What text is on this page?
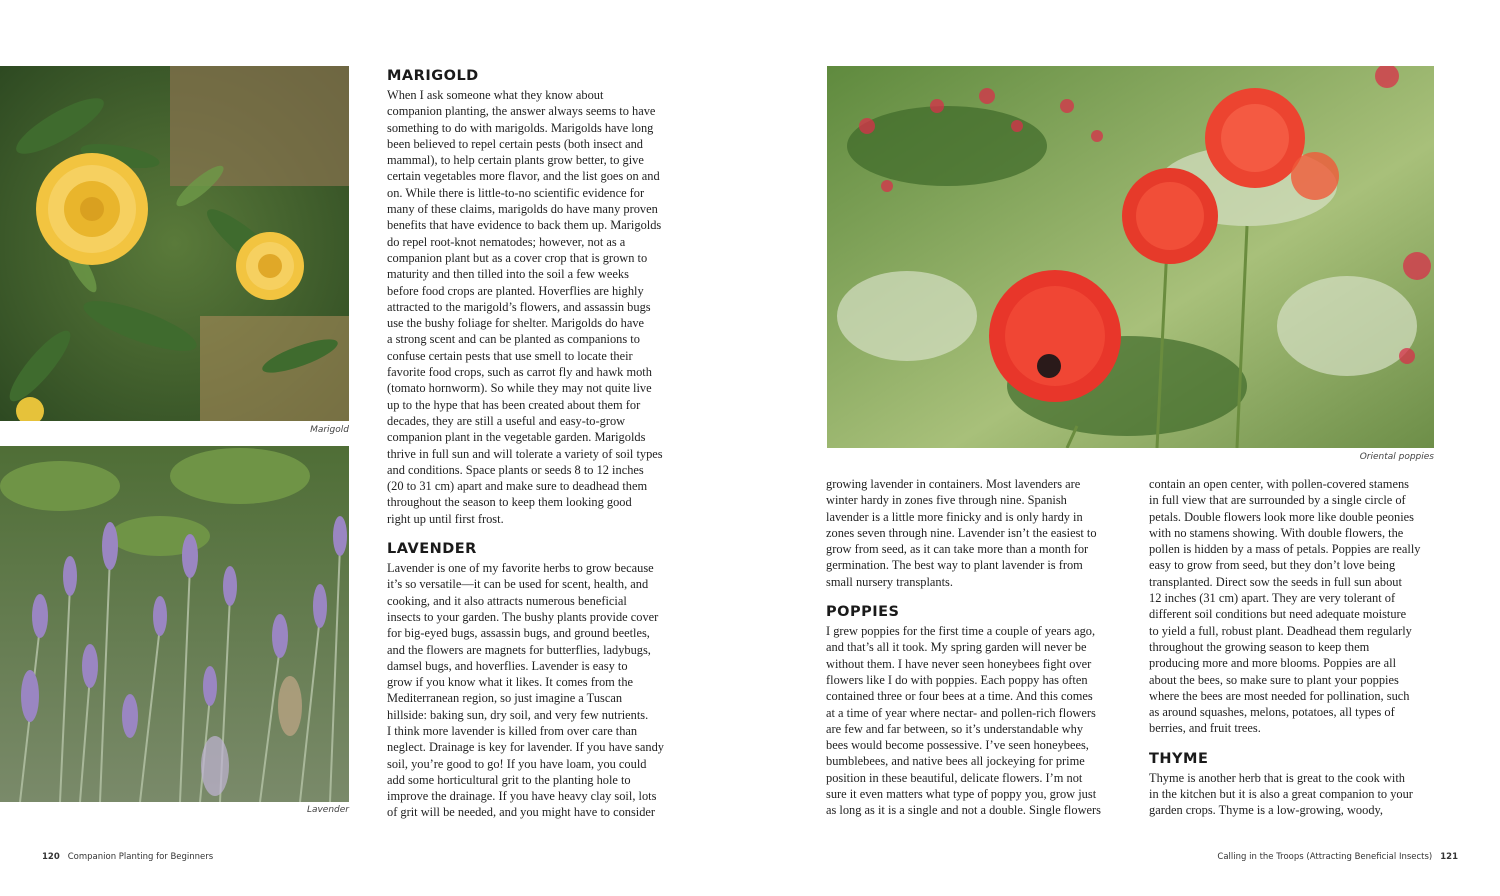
Marigold
Lavender
MARIGOLD

When I ask someone what they know about
companion planting, the answer always seems to have
something to do with marigolds. Marigolds have long
been believed to repel certain pests (both insect and
mammal), to help certain plants grow better, to give
certain vegetables more flavor, and the list goes on and
on. While there is little-to-no scientific evidence for
many of these claims, marigolds do have many proven
benefits that have evidence to back them up. Marigolds
do repel root-knot nematodes; however, not as a
companion plant but as a cover crop that is grown to
maturity and then tilled into the soil a few weeks
before food crops are planted. Hoverflies are highly
attracted to the marigold’s flowers, and assassin bugs
use the bushy foliage for shelter. Marigolds do have
a strong scent and can be planted as companions to
confuse certain pests that use smell to locate their
favorite food crops, such as carrot fly and hawk moth
(tomato hornworm). So while they may not quite live
up to the hype that has been created about them for
decades, they are still a useful and easy-to-grow
companion plant in the vegetable garden. Marigolds
thrive in full sun and will tolerate a variety of soil types
and conditions. Space plants or seeds 8 to 12 inches
(20 to 31 cm) apart and make sure to deadhead them
throughout the season to keep them looking good
right up until first frost.

LAVENDER

Lavender is one of my favorite herbs to grow because
it’s so versatile—it can be used for scent, health, and
cooking, and it also attracts numerous beneficial
insects to your garden. The bushy plants provide cover
for big-eyed bugs, assassin bugs, and ground beetles,
and the flowers are magnets for butterflies, ladybugs,
damsel bugs, and hoverflies. Lavender is easy to
grow if you know what it likes. It comes from the
Mediterranean region, so just imagine a Tuscan
hillside: baking sun, dry soil, and very few nutrients.
I think more lavender is killed from over care than
neglect. Drainage is key for lavender. If you have sandy
soil, you’re good to go! If you have loam, you could
add some horticultural grit to the planting hole to
improve the drainage. If you have heavy clay soil, lots
of grit will be needed, and you might have to consider

Oriental poppies

growing lavender in containers. Most lavenders are
winter hardy in zones five through nine. Spanish
lavender is a little more finicky and is only hardy in
zones seven through nine. Lavender isn’t the easiest to
grow from seed, as it can take more than a month for
germination. The best way to plant lavender is from
small nursery transplants.

POPPIES

I grew poppies for the first time a couple of years ago,
and that’s all it took. My spring garden will never be
without them. I have never seen honeybees fight over
flowers like I do with poppies. Each poppy has often
contained three or four bees at a time. And this comes
at a time of year where nectar- and pollen-rich flowers
are few and far between, so it’s understandable why
bees would become possessive. I’ve seen honeybees,
bumblebees, and native bees all jockeying for prime
position in these beautiful, delicate flowers. I’m not
sure it even matters what type of poppy you, grow just
as long as it is a single and not a double. Single flowers

contain an open center, with pollen-covered stamens
in full view that are surrounded by a single circle of
petals. Double flowers look more like double peonies
with no stamens showing. With double flowers, the
pollen is hidden by a mass of petals. Poppies are really
easy to grow from seed, but they don’t love being
transplanted. Direct sow the seeds in full sun about
12 inches (31 cm) apart. They are very tolerant of
different soil conditions but need adequate moisture
to yield a full, robust plant. Deadhead them regularly
throughout the growing season to keep them
producing more and more blooms. Poppies are all
about the bees, so make sure to plant your poppies
where the bees are most needed for pollination, such
as around squashes, melons, potatoes, all types of
berries, and fruit trees.

THYME

Thyme is another herb that is great to the cook with
in the kitchen but it is also a great companion to your
garden crops. Thyme is a low-growing, woody,

120 Companion Planting for Beginners	Calling in the Troops (Attracting Beneficial Insects) 121
